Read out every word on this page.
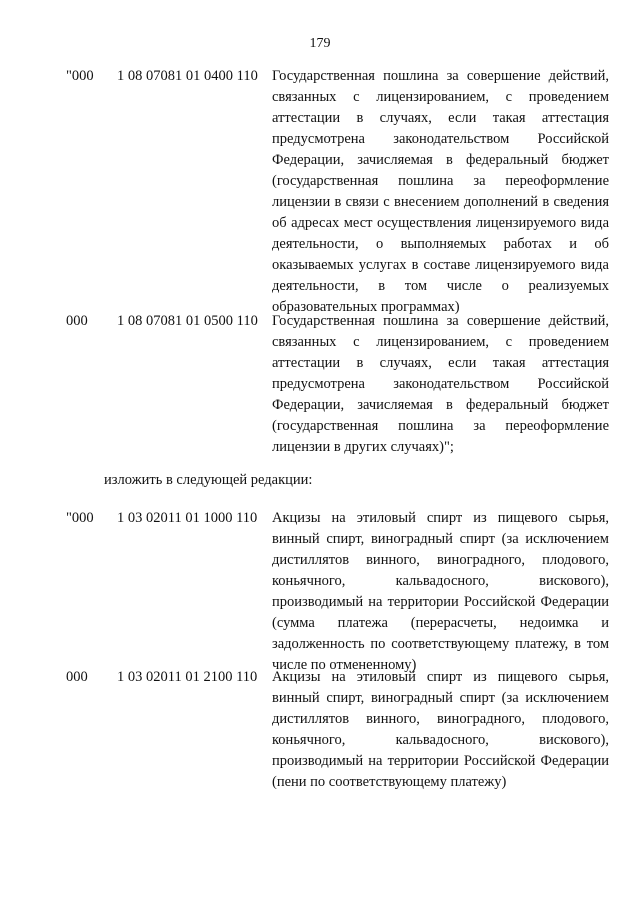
179
"000 1 08 07081 01 0400 110 Государственная пошлина за совершение действий, связанных с лицензированием, с проведением аттестации в случаях, если такая аттестация предусмотрена законодательством Российской Федерации, зачисляемая в федеральный бюджет (государственная пошлина за переоформление лицензии в связи с внесением дополнений в сведения об адресах мест осуществления лицензируемого вида деятельности, о выполняемых работах и об оказываемых услугах в составе лицензируемого вида деятельности, в том числе о реализуемых образовательных программах)
000 1 08 07081 01 0500 110 Государственная пошлина за совершение действий, связанных с лицензированием, с проведением аттестации в случаях, если такая аттестация предусмотрена законодательством Российской Федерации, зачисляемая в федеральный бюджет (государственная пошлина за переоформление лицензии в других случаях)";
изложить в следующей редакции:
"000 1 03 02011 01 1000 110 Акцизы на этиловый спирт из пищевого сырья, винный спирт, виноградный спирт (за исключением дистиллятов винного, виноградного, плодового, коньячного, кальвадосного, вискового), производимый на территории Российской Федерации (сумма платежа (перерасчеты, недоимка и задолженность по соответствующему платежу, в том числе по отмененному)
000 1 03 02011 01 2100 110 Акцизы на этиловый спирт из пищевого сырья, винный спирт, виноградный спирт (за исключением дистиллятов винного, виноградного, плодового, коньячного, кальвадосного, вискового), производимый на территории Российской Федерации (пени по соответствующему платежу)
